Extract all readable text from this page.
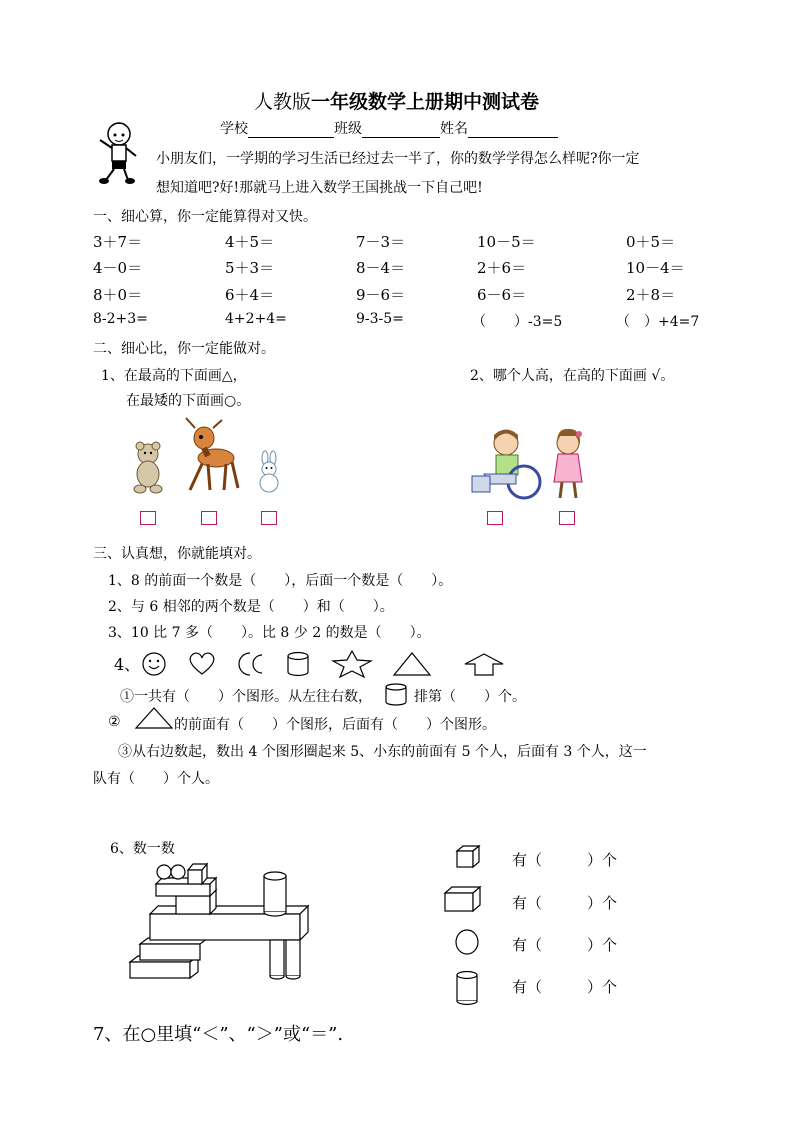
人教版一年级数学上册期中测试卷
学校	班级	姓名
小朋友们，一学期的学习生活已经过去一半了，你的数学学得怎么样呢?你一定
想知道吧?好!那就马上进入数学王国挑战一下自己吧!
一、细心算，你一定能算得对又快。
3＋7＝	4＋5＝	7－3＝	10－5＝	0＋5＝
4－0＝	5＋3＝	8－4＝	2＋6＝	10－4＝
8＋0＝	6＋4＝	9－6＝	6－6＝	2＋8＝
8-2+3=	4+2+4=	9-3-5=	（　　）-3=5	（　）+4=7
二、细心比，你一定能做对。
1、在最高的下面画△，
在最矮的下面画○。
2、哪个人高，在高的下面画 √。
三、认真想，你就能填对。
1、8 的前面一个数是（　　），后面一个数是（　　）。
2、与 6 相邻的两个数是（　　）和（　　）。
3、10 比 7 多（　　）。比 8 少 2 的数是（　　）。
4、
①一共有（　　）个图形。从左往右数，	排第（　　）个。
②	的前面有（　　）个图形，后面有（　　）个图形。
③从右边数起，数出 4 个图形圈起来 5、小东的前面有 5 个人，后面有 3 个人，这一
队有（　　）个人。
6、数一数
有（　　　）个
有（　　　）个
有（　　　）个
有（　　　）个
7、在○里填“＜”、“＞”或“＝”.
